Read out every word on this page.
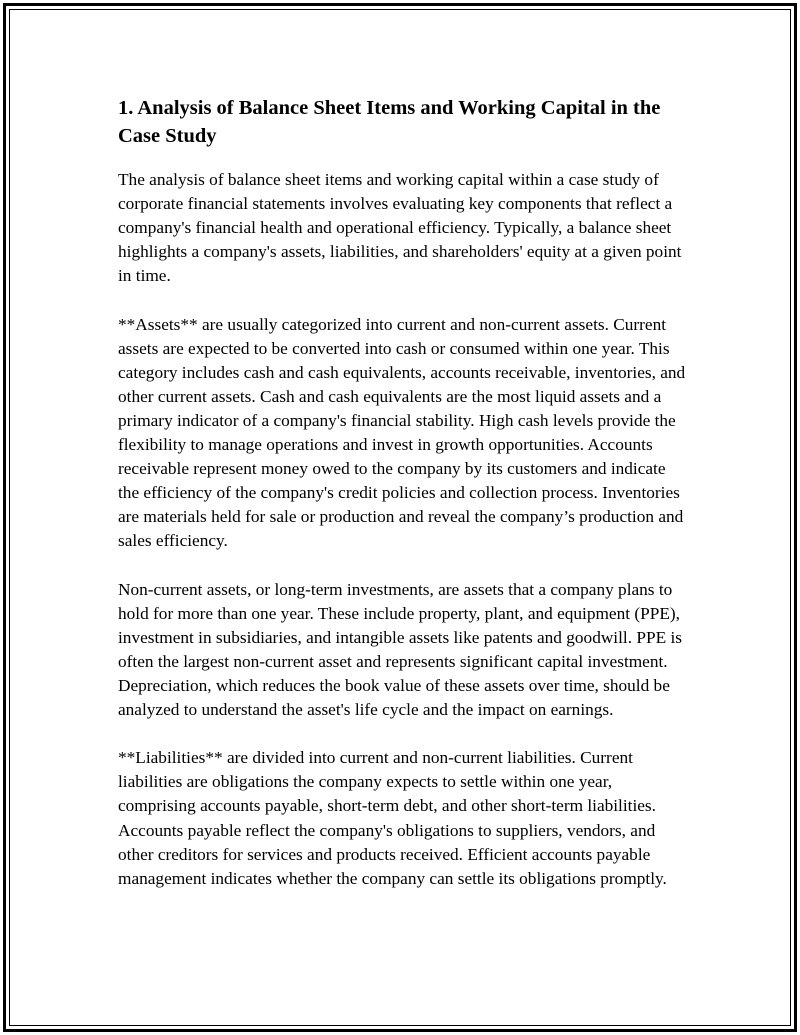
1. Analysis of Balance Sheet Items and Working Capital in the Case Study

The analysis of balance sheet items and working capital within a case study of corporate financial statements involves evaluating key components that reflect a company's financial health and operational efficiency. Typically, a balance sheet highlights a company's assets, liabilities, and shareholders' equity at a given point in time.

**Assets** are usually categorized into current and non-current assets. Current assets are expected to be converted into cash or consumed within one year. This category includes cash and cash equivalents, accounts receivable, inventories, and other current assets. Cash and cash equivalents are the most liquid assets and a primary indicator of a company's financial stability. High cash levels provide the flexibility to manage operations and invest in growth opportunities. Accounts receivable represent money owed to the company by its customers and indicate the efficiency of the company's credit policies and collection process. Inventories are materials held for sale or production and reveal the company’s production and sales efficiency.

Non-current assets, or long-term investments, are assets that a company plans to hold for more than one year. These include property, plant, and equipment (PPE), investment in subsidiaries, and intangible assets like patents and goodwill. PPE is often the largest non-current asset and represents significant capital investment. Depreciation, which reduces the book value of these assets over time, should be analyzed to understand the asset's life cycle and the impact on earnings.

**Liabilities** are divided into current and non-current liabilities. Current liabilities are obligations the company expects to settle within one year, comprising accounts payable, short-term debt, and other short-term liabilities. Accounts payable reflect the company's obligations to suppliers, vendors, and other creditors for services and products received. Efficient accounts payable management indicates whether the company can settle its obligations promptly.
